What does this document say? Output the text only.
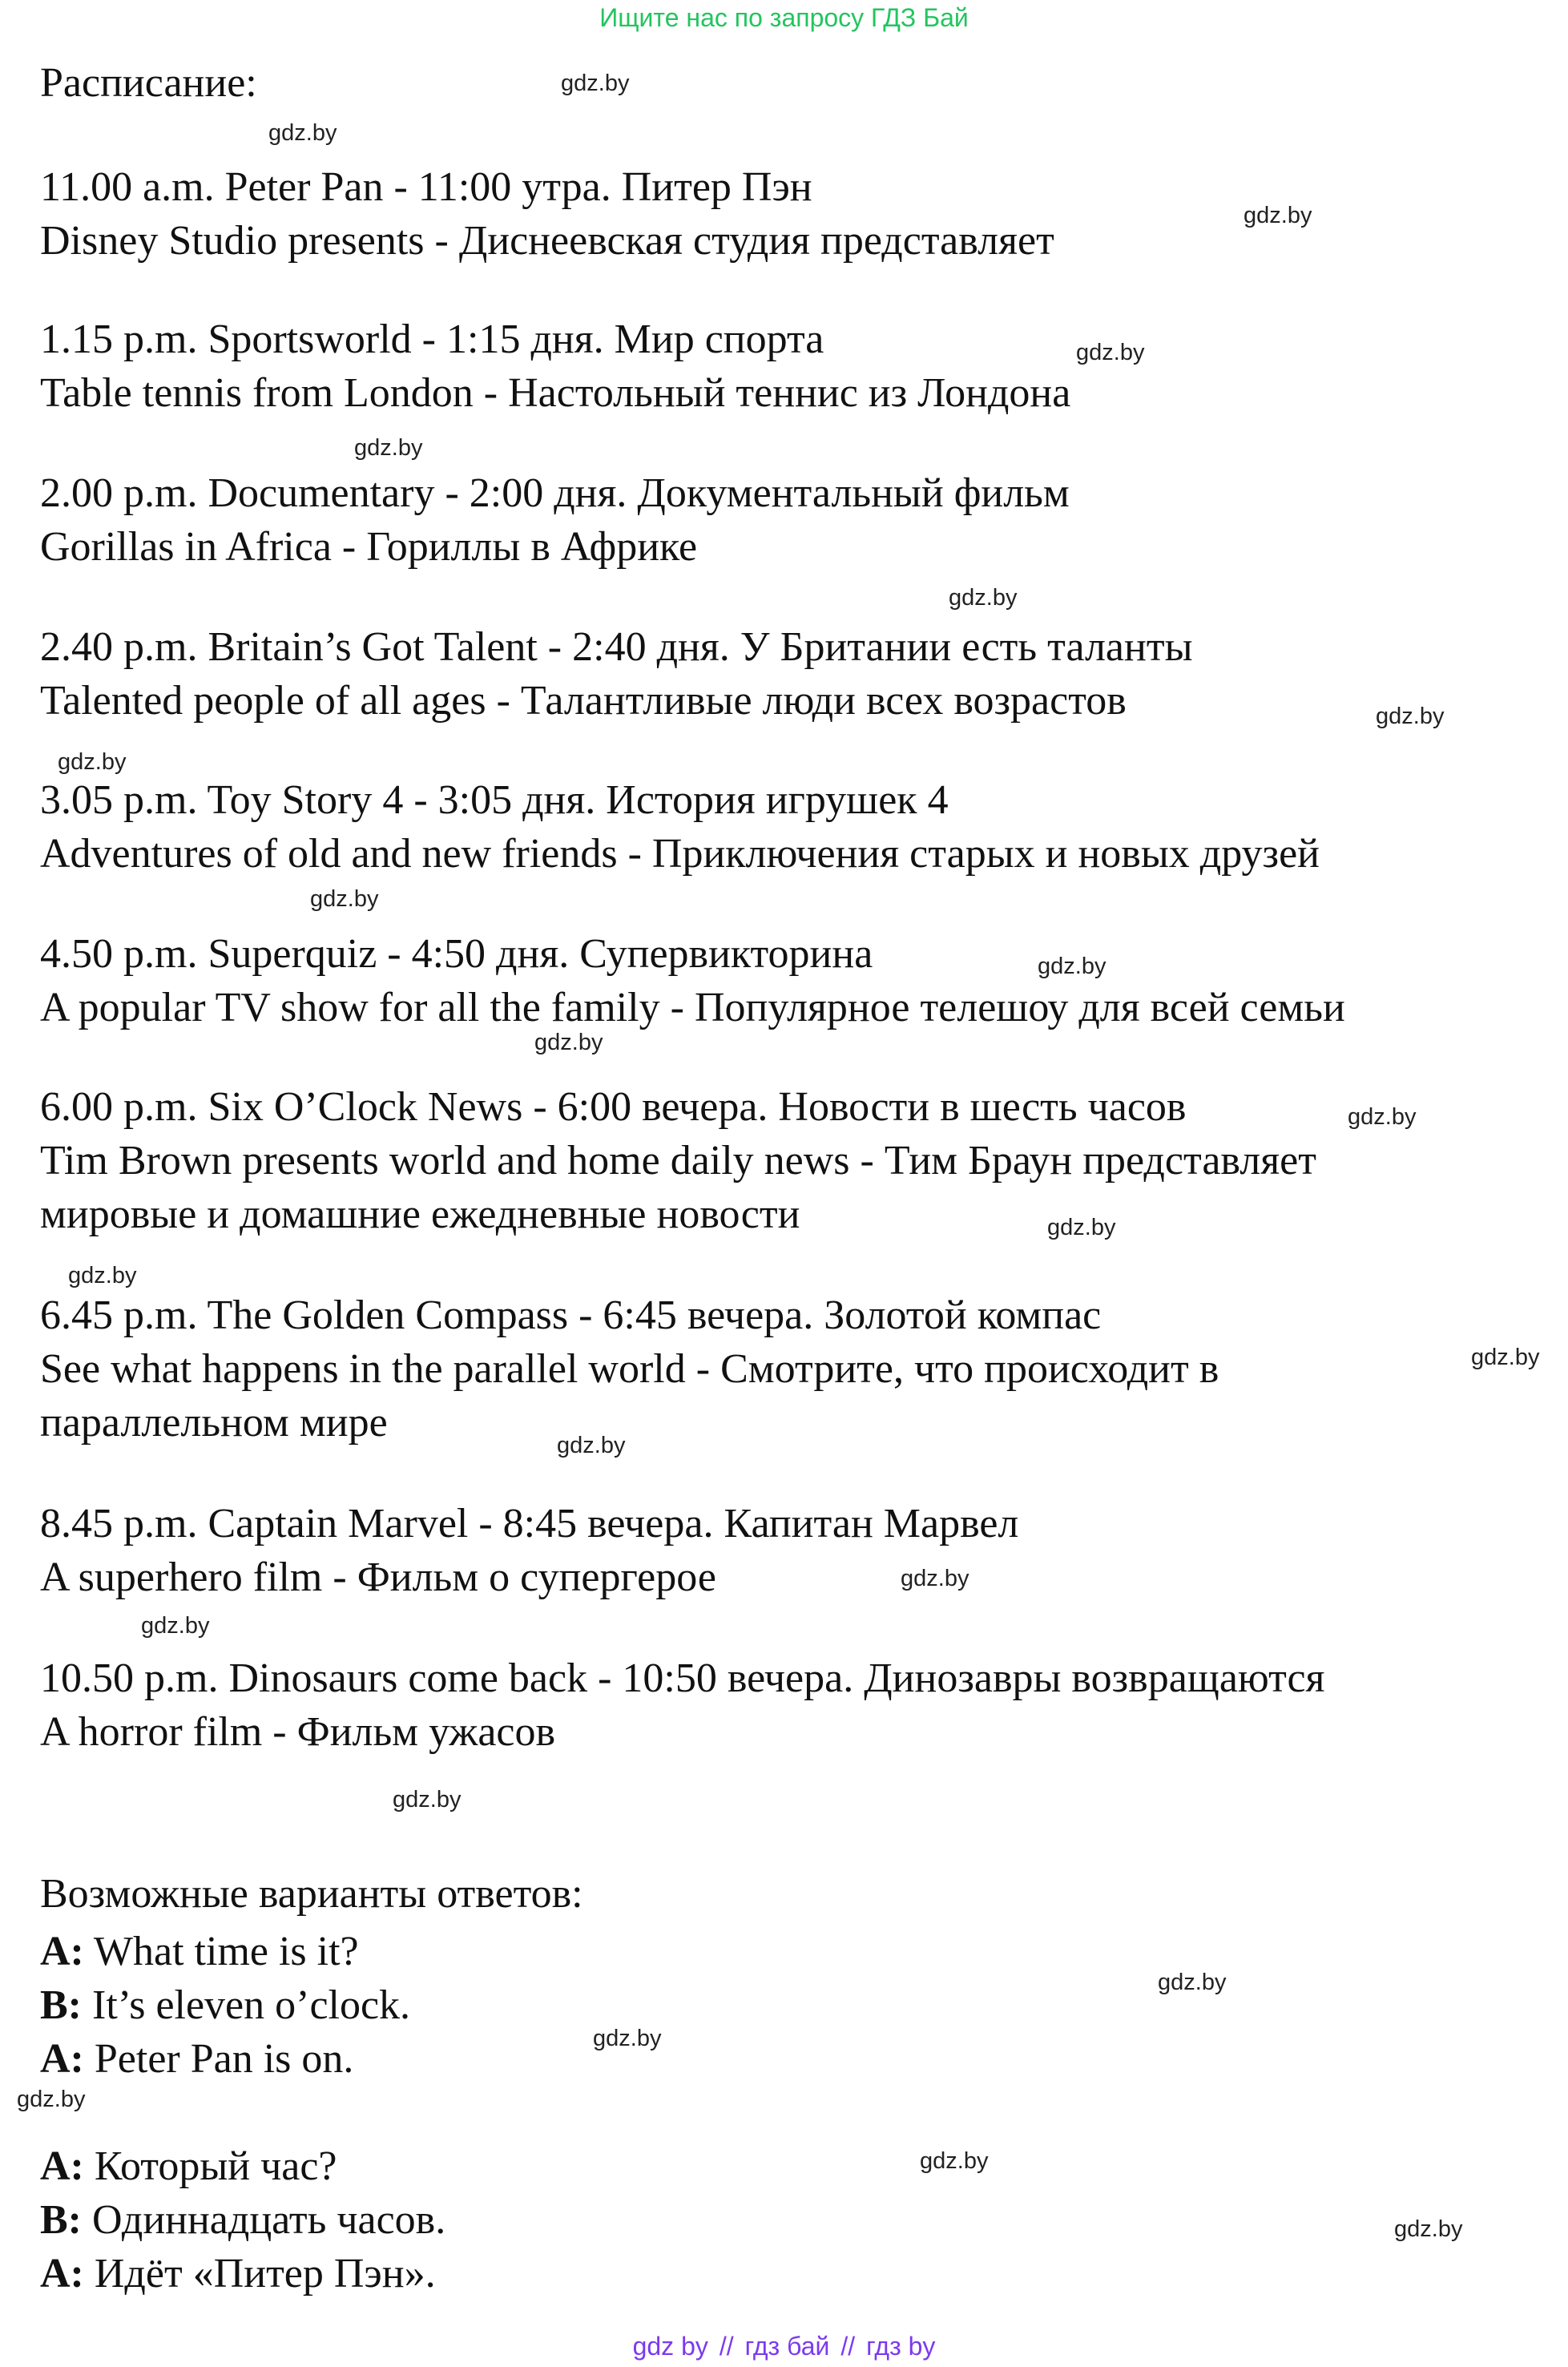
Ищите нас по запросу ГДЗ Бай
Расписание:
11.00 a.m. Peter Pan - 11:00 утра. Питер Пэн
Disney Studio presents - Диснеевская студия представляет
1.15 p.m. Sportsworld - 1:15 дня. Мир спорта
Table tennis from London - Настольный теннис из Лондона
2.00 p.m. Documentary - 2:00 дня. Документальный фильм
Gorillas in Africa - Гориллы в Африке
2.40 p.m. Britain’s Got Talent - 2:40 дня. У Британии есть таланты
Talented people of all ages - Талантливые люди всех возрастов
3.05 p.m. Toy Story 4 - 3:05 дня. История игрушек 4
Adventures of old and new friends - Приключения старых и новых друзей
4.50 p.m. Superquiz - 4:50 дня. Супервикторина
A popular TV show for all the family - Популярное телешоу для всей семьи
6.00 p.m. Six O’Clock News - 6:00 вечера. Новости в шесть часов
Tim Brown presents world and home daily news - Тим Браун представляет
мировые и домашние ежедневные новости
6.45 p.m. The Golden Compass - 6:45 вечера. Золотой компас
See what happens in the parallel world - Смотрите, что происходит в
параллельном мире
8.45 p.m. Captain Marvel - 8:45 вечера. Капитан Марвел
A superhero film - Фильм о супергерое
10.50 p.m. Dinosaurs come back - 10:50 вечера. Динозавры возвращаются
A horror film - Фильм ужасов
Возможные варианты ответов:
A: What time is it?
B: It’s eleven o’clock.
A: Peter Pan is on.
A: Который час?
B: Одиннадцать часов.
A: Идёт «Питер Пэн».
gdz.by
gdz.by
gdz.by
gdz.by
gdz.by
gdz.by
gdz.by
gdz.by
gdz.by
gdz.by
gdz.by
gdz.by
gdz.by
gdz.by
gdz.by
gdz.by
gdz.by
gdz.by
gdz.by
gdz.by
gdz.by
gdz.by
gdz.by
gdz.by
gdz by // гдз бай // гдз by
